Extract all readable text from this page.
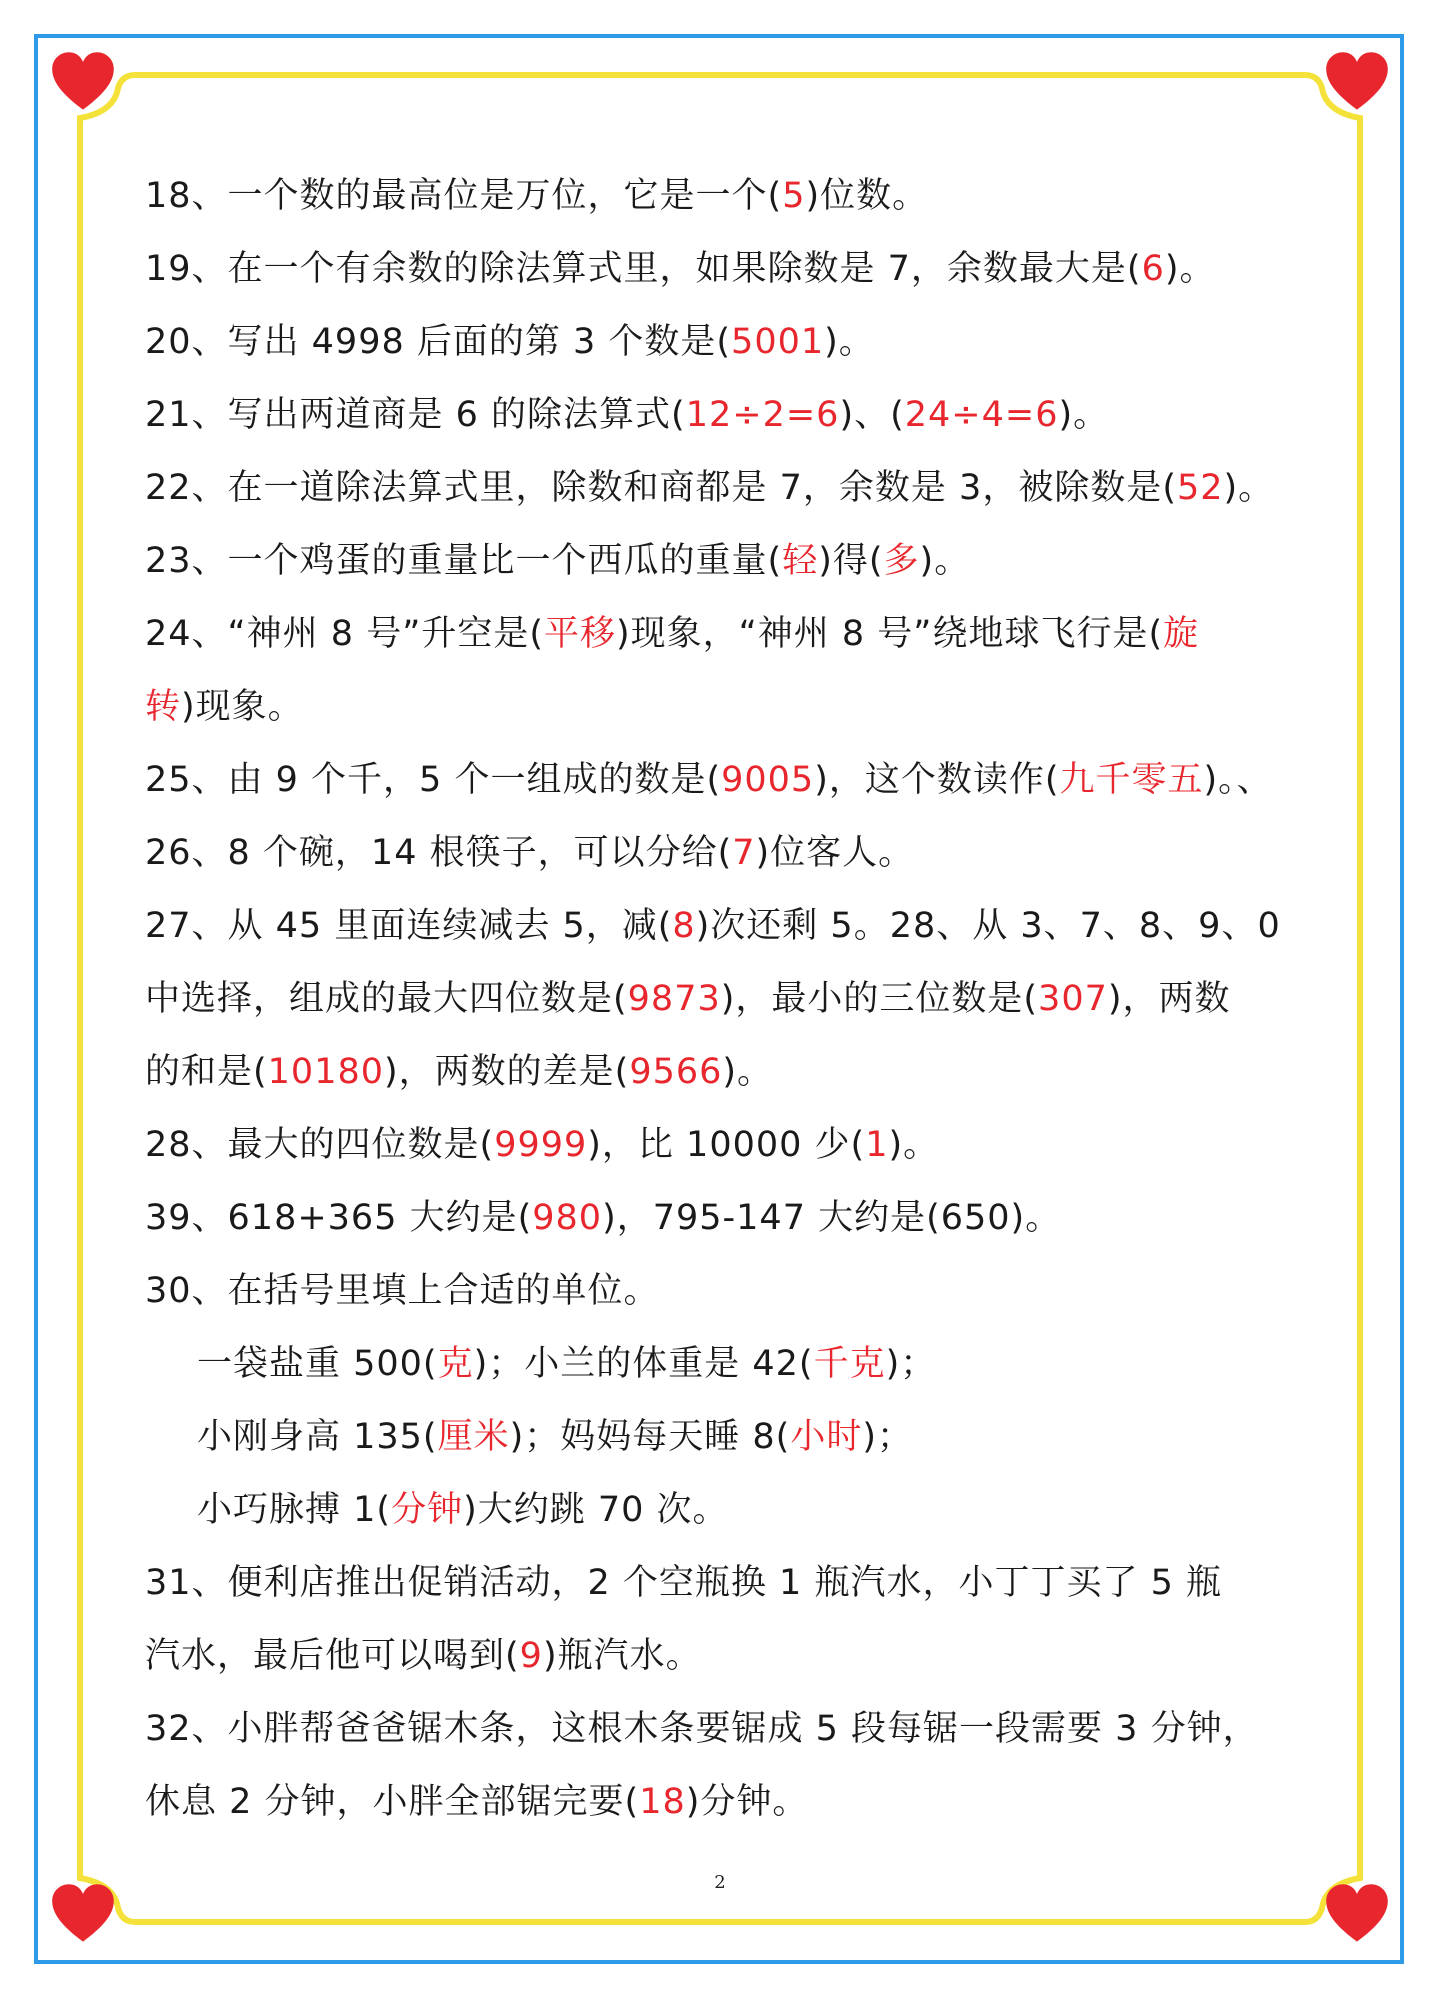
18、一个数的最高位是万位，它是一个(5)位数。
19、在一个有余数的除法算式里，如果除数是 7，余数最大是(6)。
20、写出 4998 后面的第 3 个数是(5001)。
21、写出两道商是 6 的除法算式(12÷2=6)、(24÷4=6)。
22、在一道除法算式里，除数和商都是 7，余数是 3，被除数是(52)。
23、一个鸡蛋的重量比一个西瓜的重量(轻)得(多)。
24、“神州 8 号”升空是(平移)现象，“神州 8 号”绕地球飞行是(旋
转)现象。
25、由 9 个千，5 个一组成的数是(9005)，这个数读作(九千零五)。、
26、8 个碗，14 根筷子，可以分给(7)位客人。
27、从 45 里面连续减去 5，减(8)次还剩 5。28、从 3、7、8、9、0
中选择，组成的最大四位数是(9873)，最小的三位数是(307)，两数
的和是(10180)，两数的差是(9566)。
28、最大的四位数是(9999)，比 10000 少(1)。
39、618+365 大约是(980)，795-147 大约是(650)。
30、在括号里填上合适的单位。
一袋盐重 500(克)；小兰的体重是 42(千克)；
小刚身高 135(厘米)；妈妈每天睡 8(小时)；
小巧脉搏 1(分钟)大约跳 70 次。
31、便利店推出促销活动，2 个空瓶换 1 瓶汽水，小丁丁买了 5 瓶
汽水，最后他可以喝到(9)瓶汽水。
32、小胖帮爸爸锯木条，这根木条要锯成 5 段每锯一段需要 3 分钟，
休息 2 分钟，小胖全部锯完要(18)分钟。
2
